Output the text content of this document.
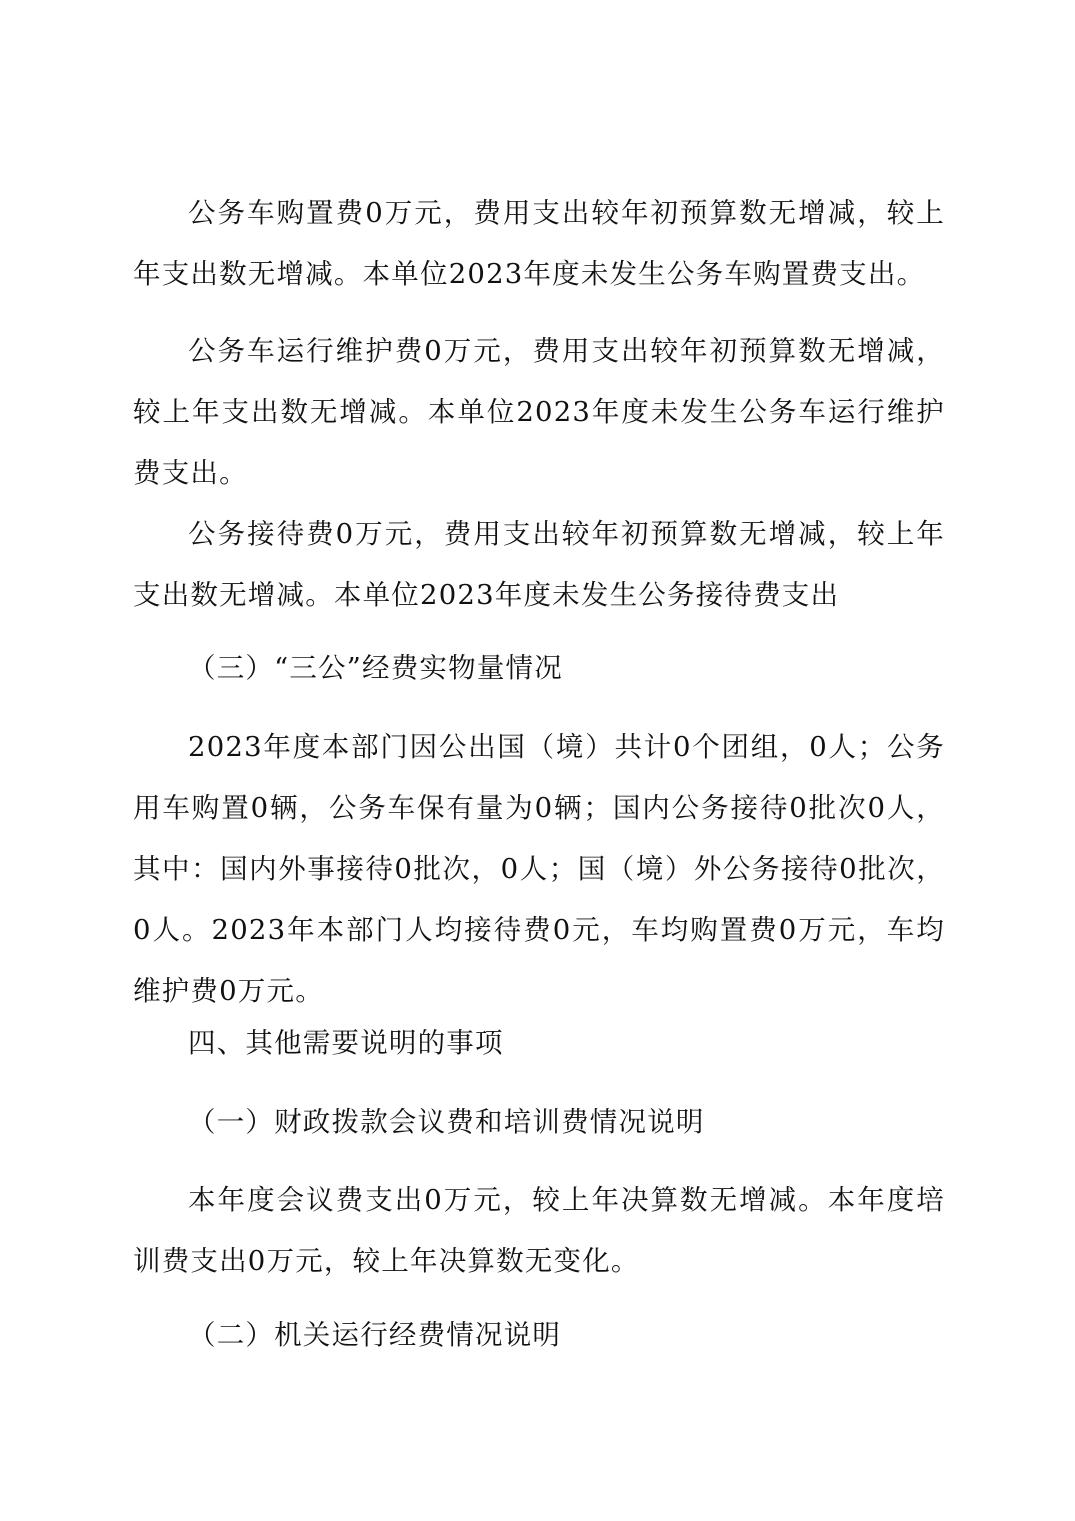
公务车购置费0万元，费用支出较年初预算数无增减，较上年支出数无增减。本单位2023年度未发生公务车购置费支出。

公务车运行维护费0万元，费用支出较年初预算数无增减，较上年支出数无增减。本单位2023年度未发生公务车运行维护费支出。

公务接待费0万元，费用支出较年初预算数无增减，较上年支出数无增减。本单位2023年度未发生公务接待费支出

（三）“三公”经费实物量情况

2023年度本部门因公出国（境）共计0个团组，0人；公务用车购置0辆，公务车保有量为0辆；国内公务接待0批次0人，其中：国内外事接待0批次，0人；国（境）外公务接待0批次，0人。2023年本部门人均接待费0元，车均购置费0万元，车均维护费0万元。

四、其他需要说明的事项

（一）财政拨款会议费和培训费情况说明

本年度会议费支出0万元，较上年决算数无增减。本年度培训费支出0万元，较上年决算数无变化。

（二）机关运行经费情况说明
